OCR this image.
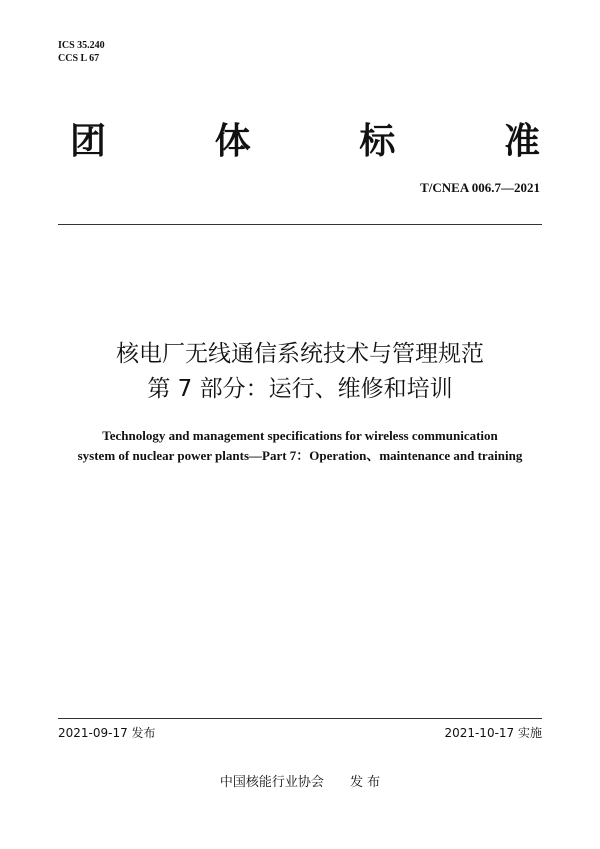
ICS 35.240
CCS L 67
团	体	标	准
T/CNEA 006.7—2021
核电厂无线通信系统技术与管理规范
第 7 部分：运行、维修和培训
Technology and management specifications for wireless communication
system of nuclear power plants—Part 7：Operation、maintenance and training
2021-09-17 发布	2021-10-17 实施
中国核能行业协会 发 布
